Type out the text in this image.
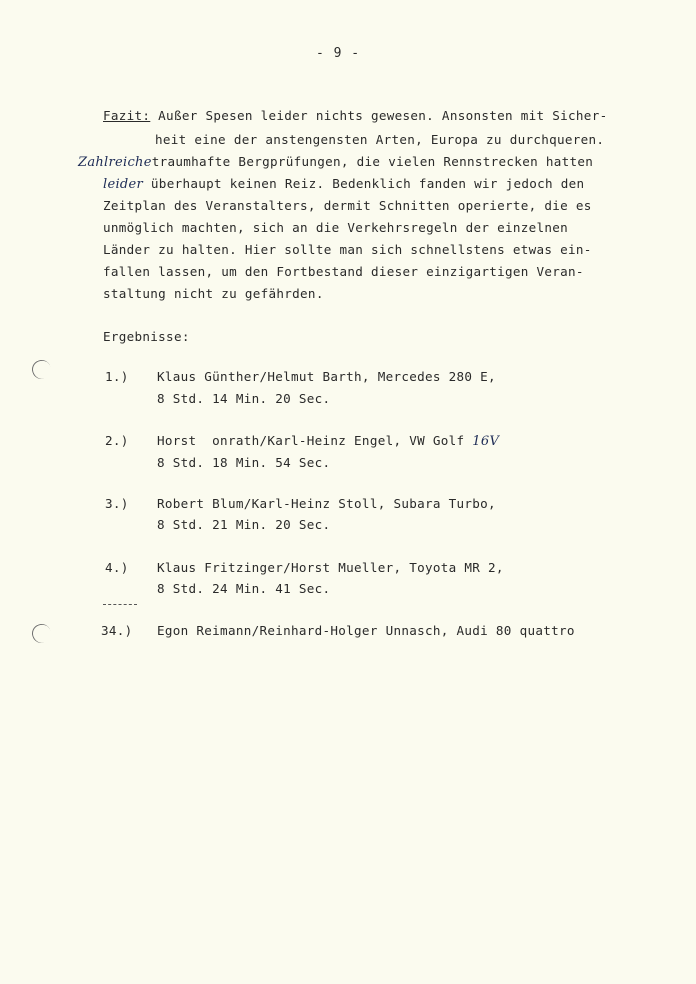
- 9 -
Fazit: Außer Spesen leider nichts gewesen. Ansonsten mit Sicher-
heit eine der anstengensten Arten, Europa zu durchqueren.
Zahlreichetraumhafte Bergprüfungen, die vielen Rennstrecken hatten
leider überhaupt keinen Reiz. Bedenklich fanden wir jedoch den
Zeitplan des Veranstalters, dermit Schnitten operierte, die es
unmöglich machten, sich an die Verkehrsregeln der einzelnen
Länder zu halten. Hier sollte man sich schnellstens etwas ein-
fallen lassen, um den Fortbestand dieser einzigartigen Veran-
staltung nicht zu gefährden.
Ergebnisse:
1.) Klaus Günther/Helmut Barth, Mercedes 280 E,
8 Std. 14 Min. 20 Sec.
2.) Horst  onrath/Karl-Heinz Engel, VW Golf 16V
8 Std. 18 Min. 54 Sec.
3.) Robert Blum/Karl-Heinz Stoll, Subara Turbo,
8 Std. 21 Min. 20 Sec.
4.) Klaus Fritzinger/Horst Mueller, Toyota MR 2,
8 Std. 24 Min. 41 Sec.
34.) Egon Reimann/Reinhard-Holger Unnasch, Audi 80 quattro
